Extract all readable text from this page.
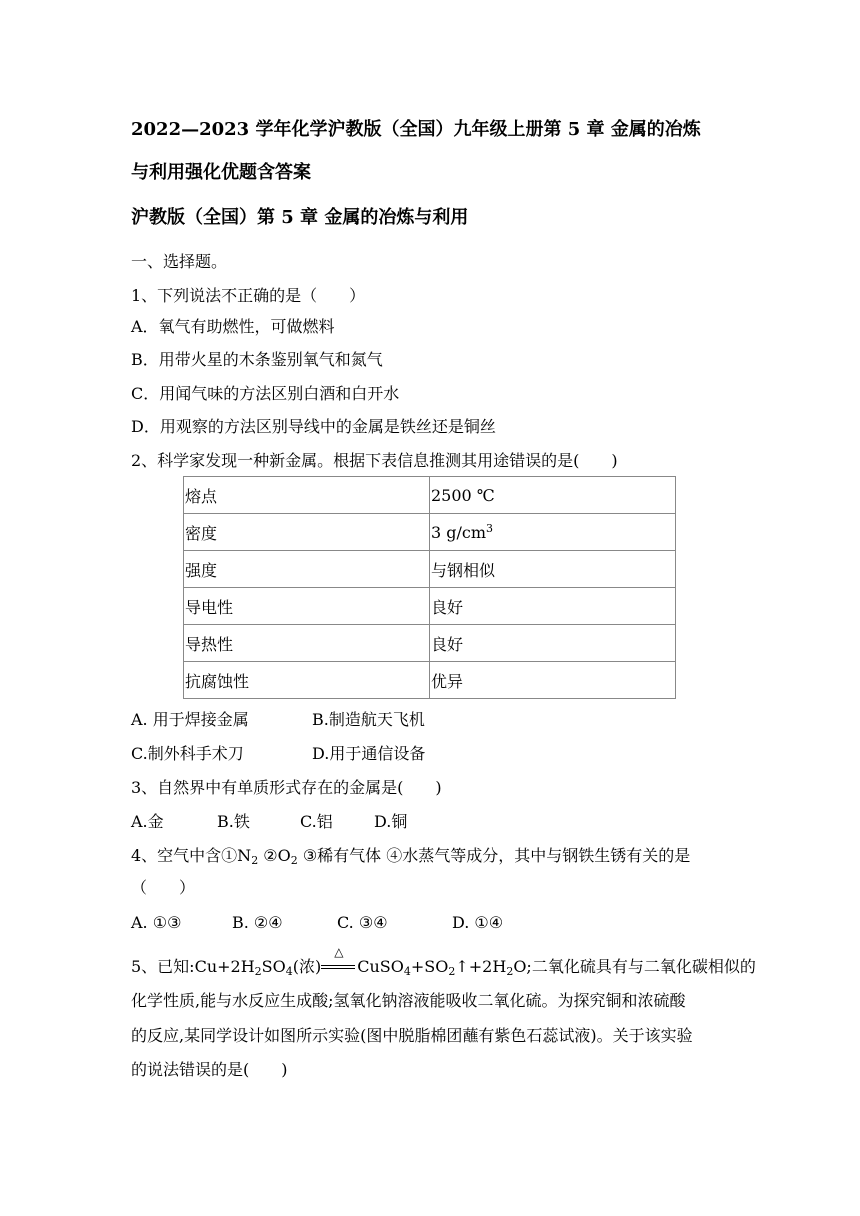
2022—2023 学年化学沪教版（全国）九年级上册第 5 章 金属的冶炼
与利用强化优题含答案
沪教版（全国）第 5 章 金属的冶炼与利用
一、选择题。
1、下列说法不正确的是（　　）
A．氧气有助燃性，可做燃料
B．用带火星的木条鉴别氧气和氮气
C．用闻气味的方法区别白酒和白开水
D．用观察的方法区别导线中的金属是铁丝还是铜丝
2、科学家发现一种新金属。根据下表信息推测其用途错误的是(　　)
熔点	2500 ℃
密度	3 $g/cm^3$
强度	与钢相似
导电性	良好
导热性	良好
抗腐蚀性	优异
A. 用于焊接金属	B.制造航天飞机
C.制外科手术刀	D.用于通信设备
3、自然界中有单质形式存在的金属是(　　)
A.金	B.铁	C.铝	D.铜
4、空气中含$①N_2$ $②O_2$ ③稀有气体 ④水蒸气等成分，其中与钢铁生锈有关的是
（　　）
A. ①③	B. ②④	C. ③④	D. ①④
5、已知$:Cu+2H_2SO_4$(浓)
△
$CuSO_4+SO_2↑+2H_2O$;二氧化硫具有与二氧化碳相似的
化学性质,能与水反应生成酸;氢氧化钠溶液能吸收二氧化硫。为探究铜和浓硫酸
的反应,某同学设计如图所示实验(图中脱脂棉团蘸有紫色石蕊试液)。关于该实验
的说法错误的是(　　)
